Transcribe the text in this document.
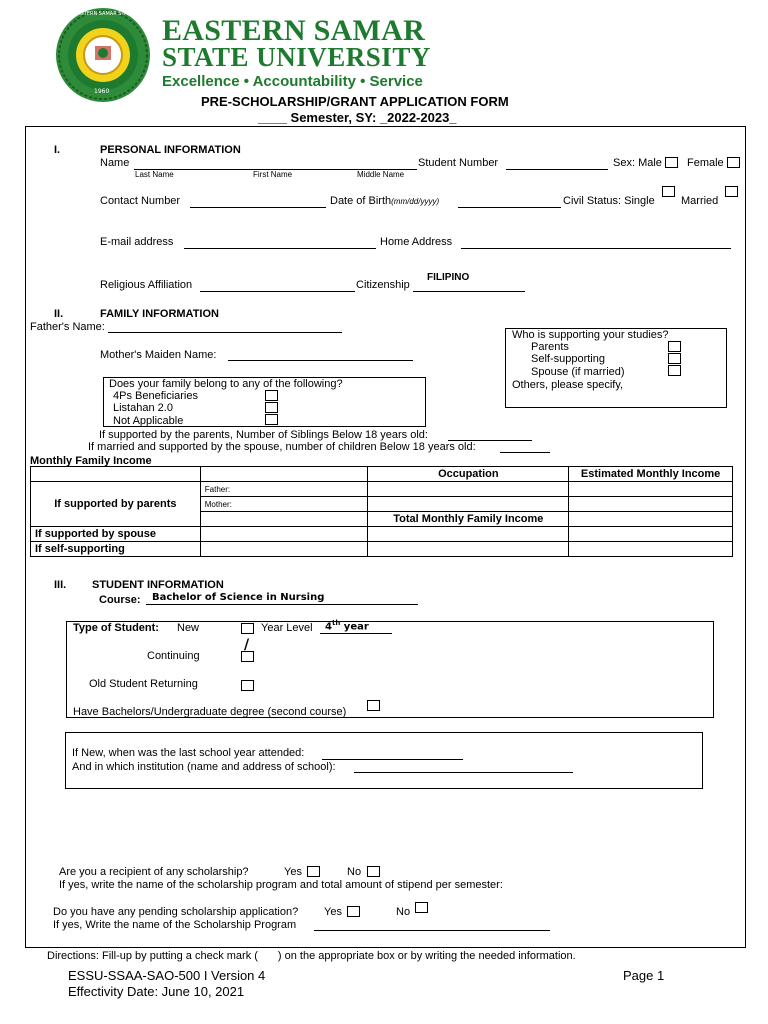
EASTERN SAMAR STATE UNIVERSITY
1960
EASTERN SAMAR
STATE UNIVERSITY
Excellence • Accountability • Service
PRE-SCHOLARSHIP/GRANT APPLICATION FORM
____ Semester, SY: _2022-2023_
I.	PERSONAL INFORMATION
Name	Student Number	Sex: Male Female
Last Name	First Name	Middle Name
Contact Number	Date of Birth(mm/dd/yyyy)	Civil Status: Single Married
E-mail address	Home Address
Religious Affiliation	Citizenship
FILIPINO
II.	FAMILY INFORMATION
Father's Name:
Mother's Maiden Name:
Who is supporting your studies?
Parents
Self-supporting
Spouse (if married)
Others, please specify,
Does your family belong to any of the following?
4Ps Beneficiaries
Listahan 2.0
Not Applicable
If supported by the parents, Number of Siblings Below 18 years old:
If married and supported by the spouse, number of children Below 18 years old:
Monthly Family Income
		Occupation	Estimated Monthly Income
If supported by parents	Father:		
	Mother:		
		Total Monthly Family Income	
If supported by spouse			
If self-supporting			
III. STUDENT INFORMATION
Course: Bachelor of Science in Nursing
Type of Student: New	Year Level 4th year
Continuing
/
Old Student Returning
Have Bachelors/Undergraduate degree (second course)
If New, when was the last school year attended:
And in which institution (name and address of school):
Are you a recipient of any scholarship?	Yes	No
If yes, write the name of the scholarship program and total amount of stipend per semester:
Do you have any pending scholarship application? Yes	No
If yes, Write the name of the Scholarship Program
Directions: Fill-up by putting a check mark ( ) on the appropriate box or by writing the needed information.
ESSU-SSAA-SAO-500 I Version 4
Effectivity Date: June 10, 2021
Page 1
